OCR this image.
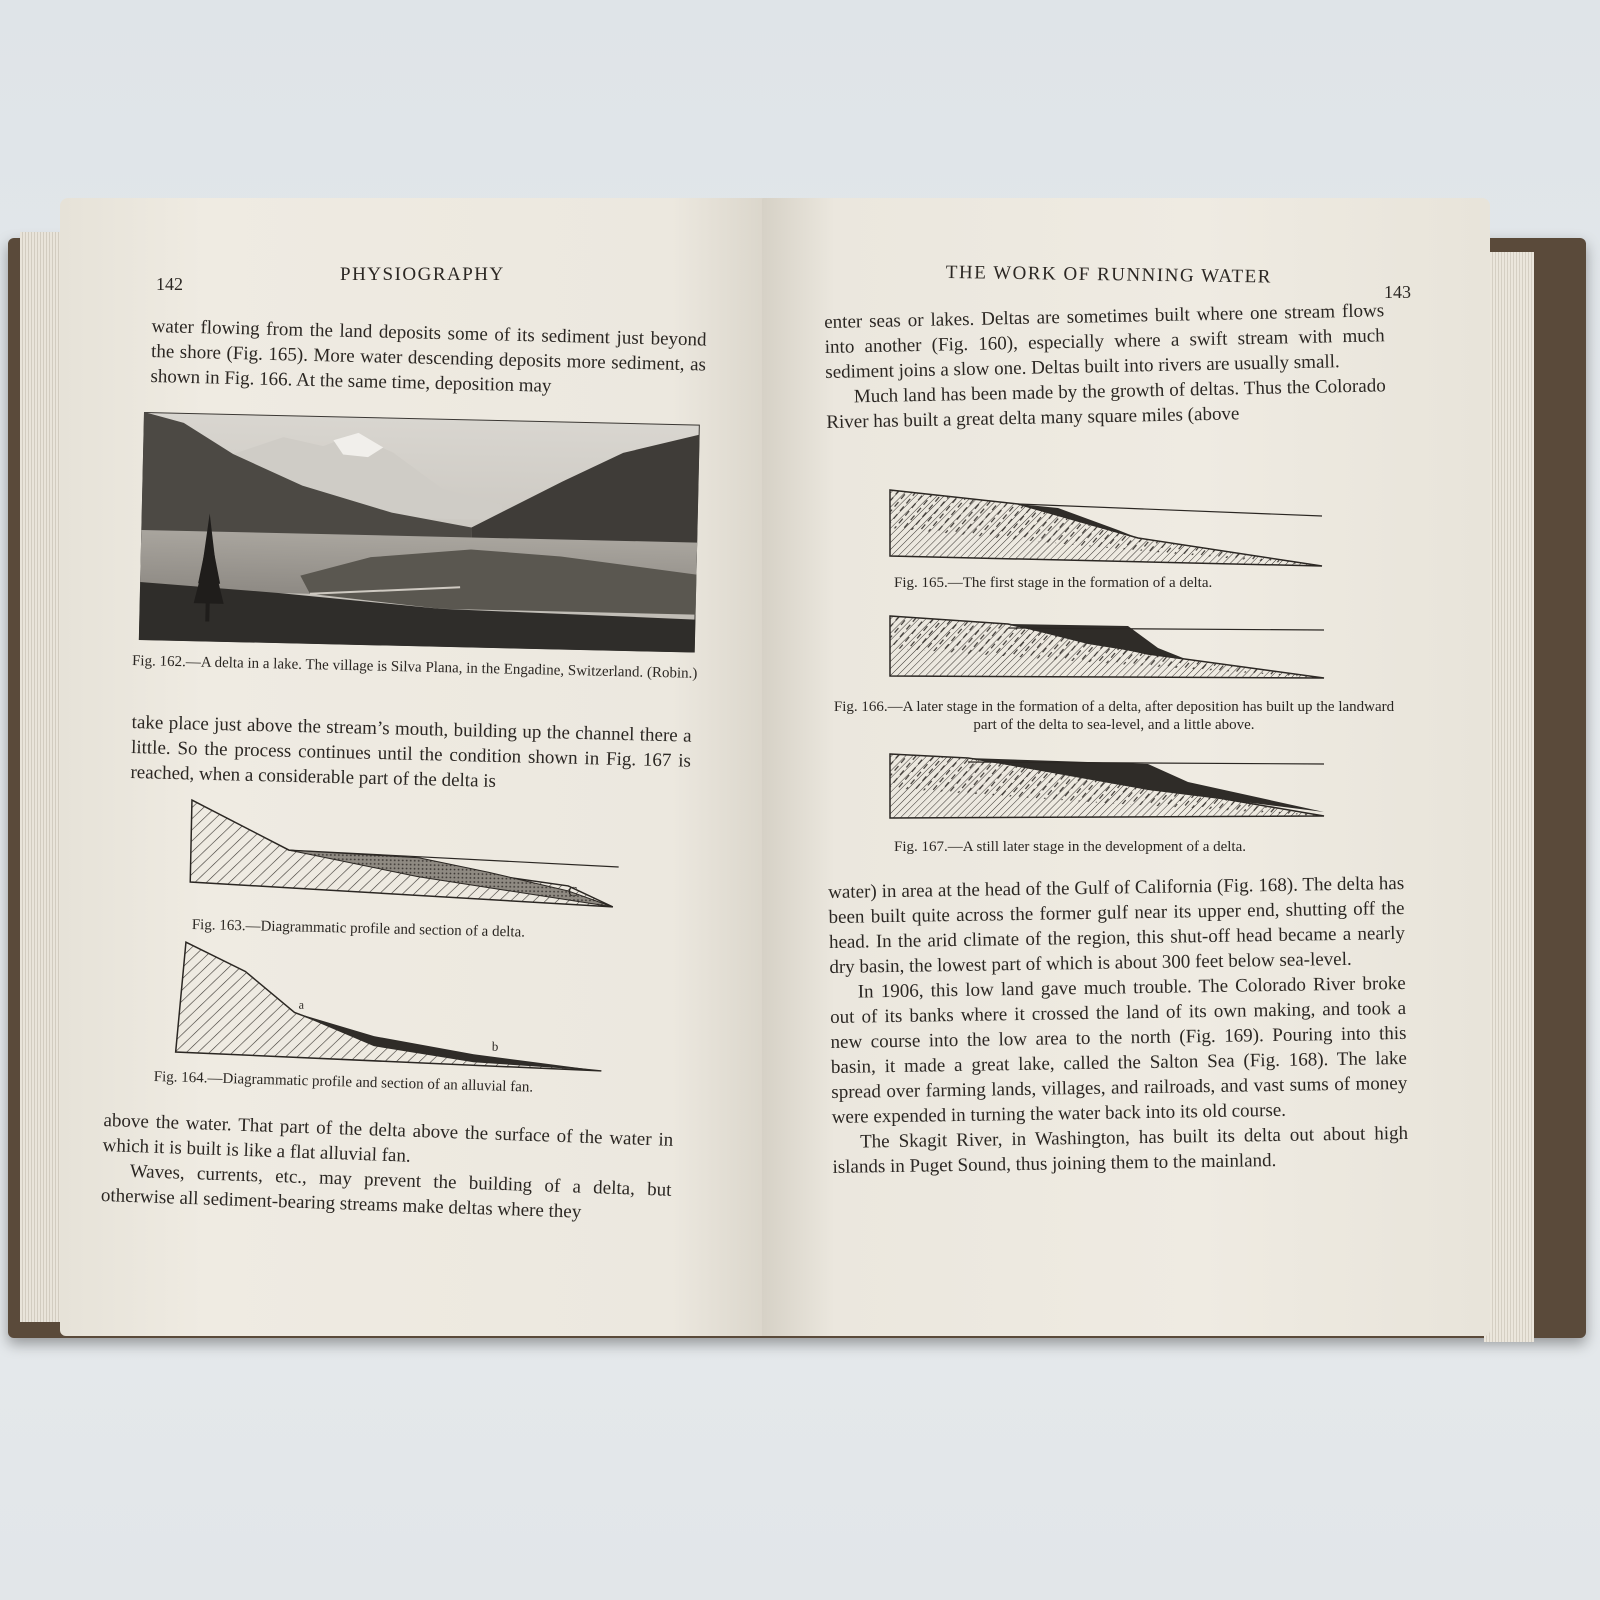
142	PHYSIOGRAPHY

water flowing from the land deposits some of its sediment just beyond the shore (Fig. 165). More water descending deposits more sediment, as shown in Fig. 166. At the same time, deposition may

Fig. 162.—A delta in a lake. The village is Silva Plana, in the Engadine, Switzerland. (Robin.)

take place just above the stream’s mouth, building up the channel there a little. So the process continues until the condition shown in Fig. 167 is reached, when a considerable part of the delta is

C
Fig. 163.—Diagrammatic profile and section of a delta.
a
b
Fig. 164.—Diagrammatic profile and section of an alluvial fan.

above the water. That part of the delta above the surface of the water in which it is built is like a flat alluvial fan.

Waves, currents, etc., may prevent the building of a delta, but otherwise all sediment-bearing streams make deltas where they

THE WORK OF RUNNING WATER
143

enter seas or lakes. Deltas are sometimes built where one stream flows into another (Fig. 160), especially where a swift stream with much sediment joins a slow one. Deltas built into rivers are usually small.

Much land has been made by the growth of deltas. Thus the Colorado River has built a great delta many square miles (above

Fig. 165.—The first stage in the formation of a delta.
Fig. 166.—A later stage in the formation of a delta, after deposition has built up the landward part of the delta to sea-level, and a little above.
Fig. 167.—A still later stage in the development of a delta.

water) in area at the head of the Gulf of California (Fig. 168). The delta has been built quite across the former gulf near its upper end, shutting off the head. In the arid climate of the region, this shut-off head became a nearly dry basin, the lowest part of which is about 300 feet below sea-level.

In 1906, this low land gave much trouble. The Colorado River broke out of its banks where it crossed the land of its own making, and took a new course into the low area to the north (Fig. 169). Pouring into this basin, it made a great lake, called the Salton Sea (Fig. 168). The lake spread over farming lands, villages, and railroads, and vast sums of money were expended in turning the water back into its old course.

The Skagit River, in Washington, has built its delta out about high islands in Puget Sound, thus joining them to the mainland.
